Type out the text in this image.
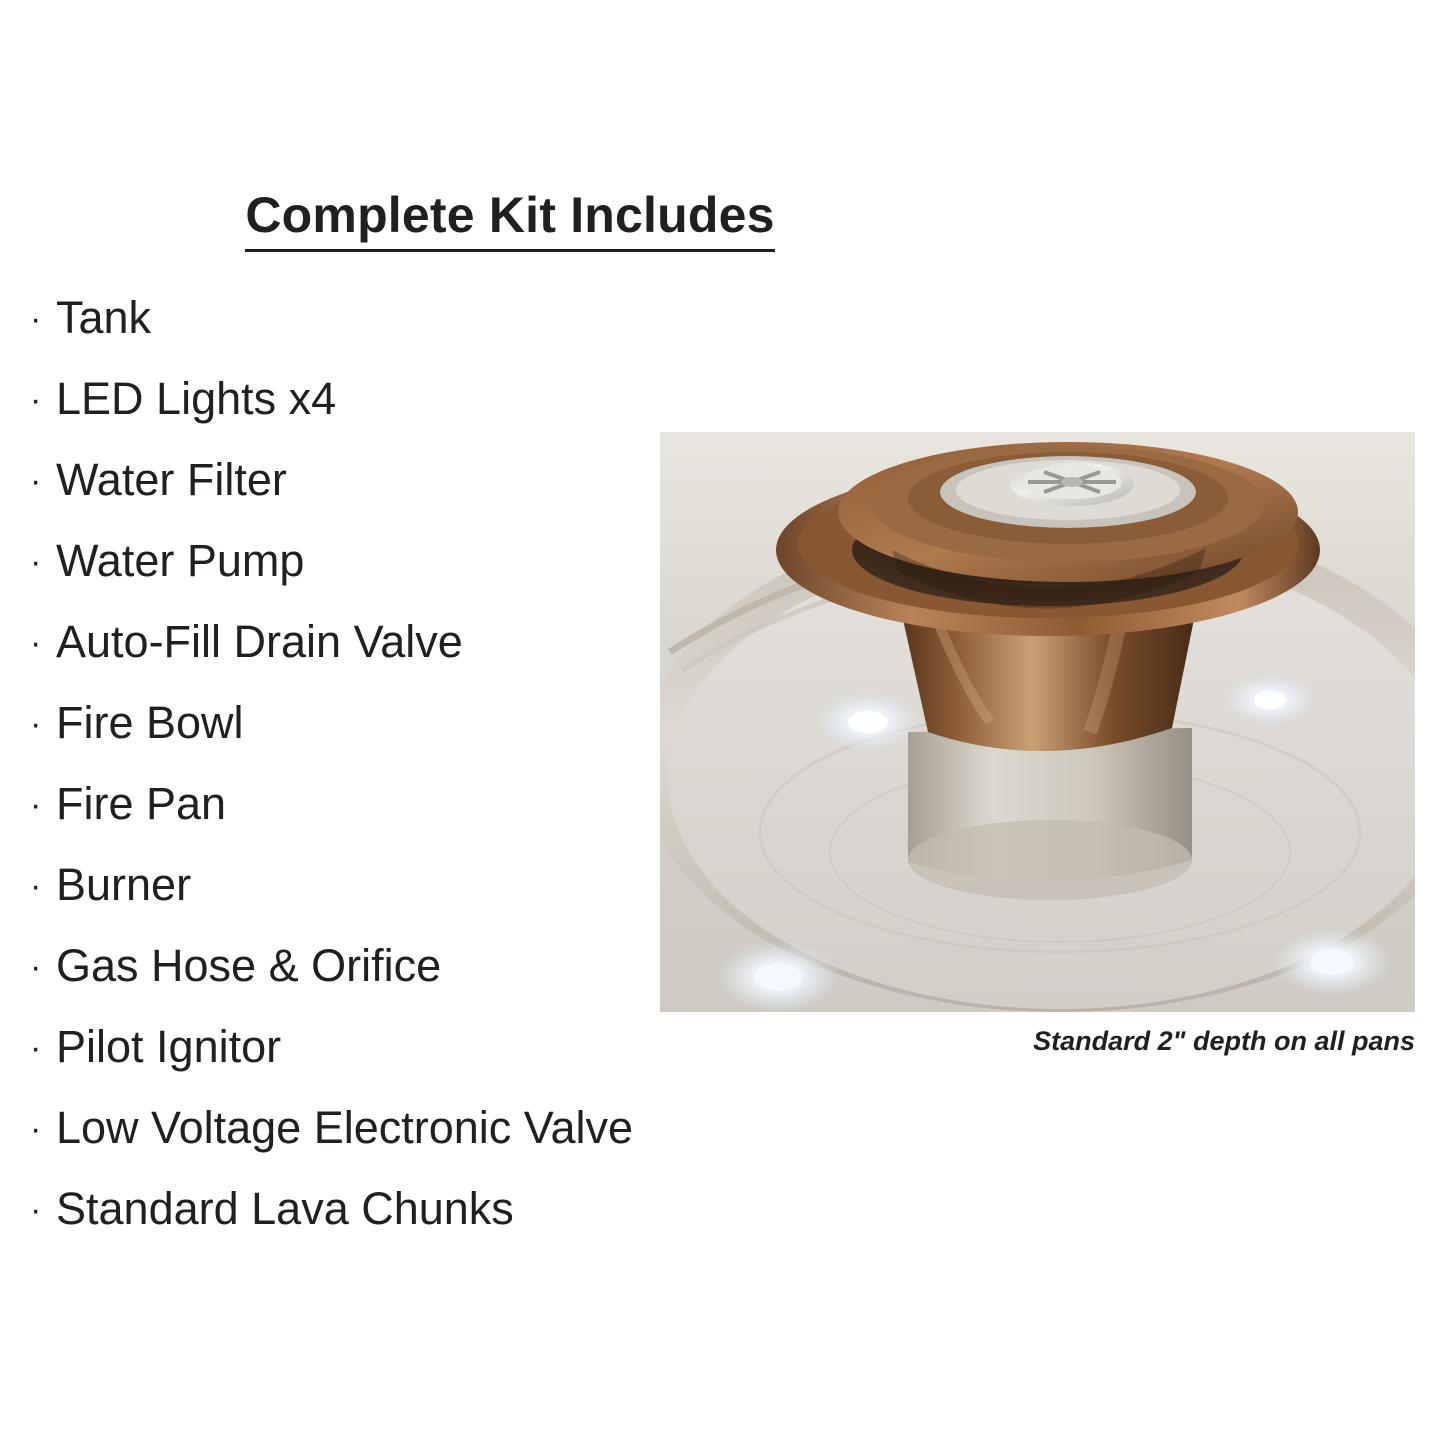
Complete Kit Includes
· Tank
· LED Lights x4
· Water Filter
· Water Pump
· Auto-Fill Drain Valve
· Fire Bowl
· Fire Pan
· Burner
· Gas Hose & Orifice
· Pilot Ignitor
· Low Voltage Electronic Valve
· Standard Lava Chunks
Standard 2" depth on all pans
